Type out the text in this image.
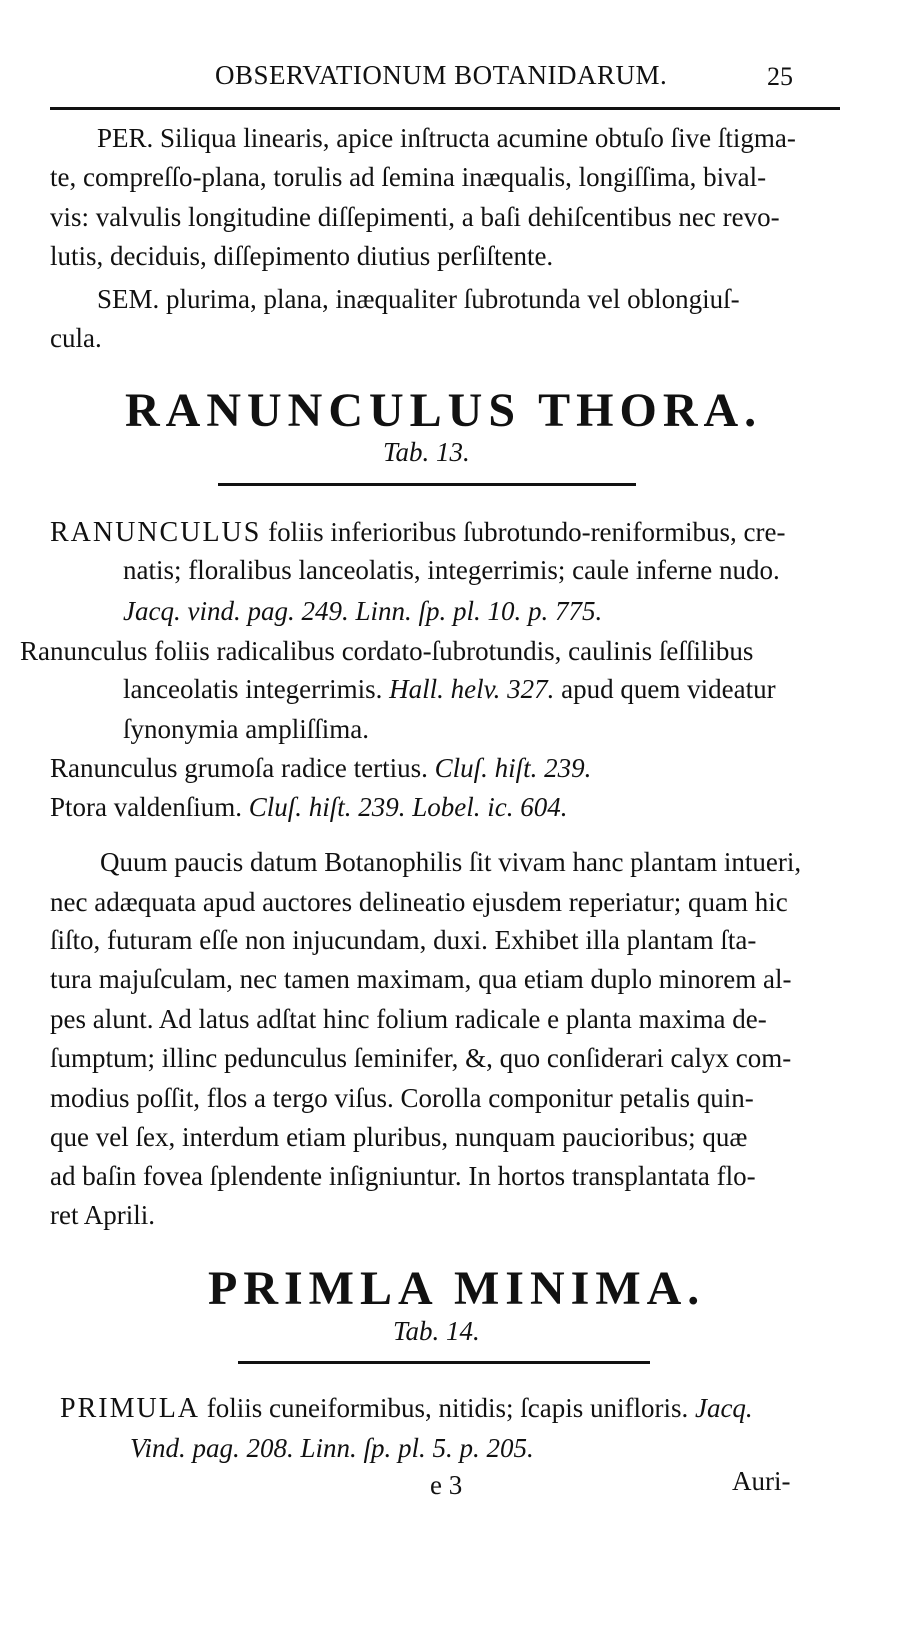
OBSERVATIONUM BOTANIDARUM.	25
PER. Siliqua linearis, apice inſtructa acumine obtuſo ſive ſtigma-
te, compreſſo-plana, torulis ad ſemina inæqualis, longiſſima, bival-
vis: valvulis longitudine diſſepimenti, a baſi dehiſcentibus nec revo-
lutis, deciduis, diſſepimento diutius perſiſtente.
SEM. plurima, plana, inæqualiter ſubrotunda vel oblongiuſ-
cula.
RANUNCULUS THORA.
Tab. 13.
RANUNCULUS foliis inferioribus ſubrotundo-reniformibus, cre-
natis; floralibus lanceolatis, integerrimis; caule inferne nudo.
Jacq. vind. pag. 249. Linn. ſp. pl. 10. p. 775.
Ranunculus foliis radicalibus cordato-ſubrotundis, caulinis ſeſſilibus
lanceolatis integerrimis. Hall. helv. 327. apud quem videatur
ſynonymia ampliſſima.
Ranunculus grumoſa radice tertius. Cluſ. hiſt. 239.
Ptora valdenſium. Cluſ. hiſt. 239. Lobel. ic. 604.
Quum paucis datum Botanophilis ſit vivam hanc plantam intueri,
nec adæquata apud auctores delineatio ejusdem reperiatur; quam hic
ſiſto, futuram eſſe non injucundam, duxi. Exhibet illa plantam ſta-
tura majuſculam, nec tamen maximam, qua etiam duplo minorem al-
pes alunt. Ad latus adſtat hinc folium radicale e planta maxima de-
ſumptum; illinc pedunculus ſeminifer, &, quo conſiderari calyx com-
modius poſſit, flos a tergo viſus. Corolla componitur petalis quin-
que vel ſex, interdum etiam pluribus, nunquam paucioribus; quæ
ad baſin fovea ſplendente inſigniuntur. In hortos transplantata flo-
ret Aprili.
PRIMLA MINIMA.
Tab. 14.
PRIMULA foliis cuneiformibus, nitidis; ſcapis unifloris. Jacq.
Vind. pag. 208. Linn. ſp. pl. 5. p. 205.
e 3	Auri-
